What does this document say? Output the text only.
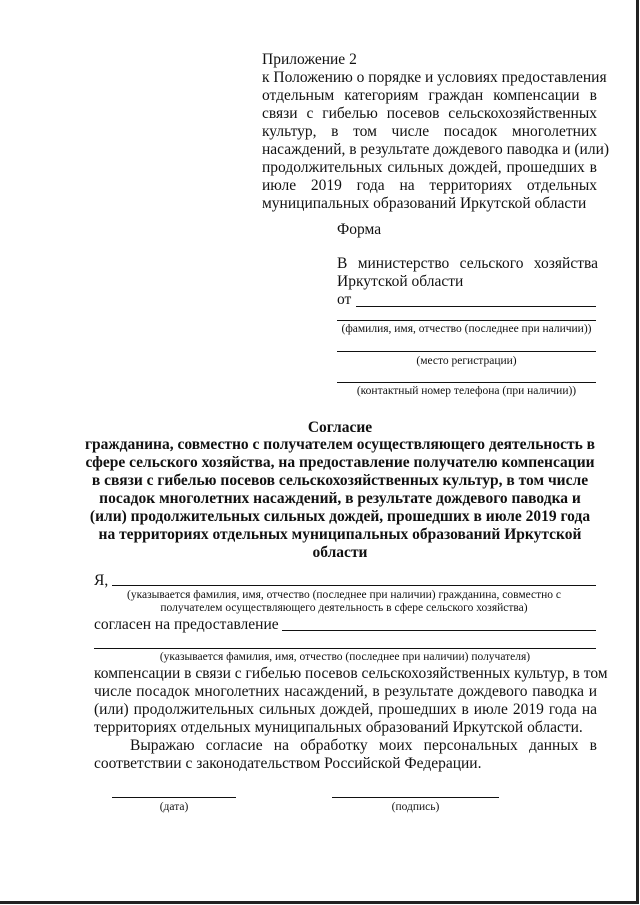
Приложение 2
к Положению о порядке и условиях предоставления
отдельным категориям граждан компенсации в
связи с гибелью посевов сельскохозяйственных
культур, в том числе посадок многолетних
насаждений, в результате дождевого паводка и (или)
продолжительных сильных дождей, прошедших в
июле 2019 года на территориях отдельных
муниципальных образований Иркутской области
Форма
В министерство сельского хозяйства
Иркутской области
от
(фамилия, имя, отчество (последнее при наличии))
(место регистрации)
(контактный номер телефона (при наличии))
Согласие
гражданина, совместно с получателем осуществляющего деятельность в
сфере сельского хозяйства, на предоставление получателю компенсации
в связи с гибелью посевов сельскохозяйственных культур, в том числе
посадок многолетних насаждений, в результате дождевого паводка и
(или) продолжительных сильных дождей, прошедших в июле 2019 года
на территориях отдельных муниципальных образований Иркутской
области
Я,
(указывается фамилия, имя, отчество (последнее при наличии) гражданина, совместно с
получателем осуществляющего деятельность в сфере сельского хозяйства)
согласен на предоставление
(указывается фамилия, имя, отчество (последнее при наличии) получателя)
компенсации в связи с гибелью посевов сельскохозяйственных культур, в том
числе посадок многолетних насаждений, в результате дождевого паводка и
(или) продолжительных сильных дождей, прошедших в июле 2019 года на
территориях отдельных муниципальных образований Иркутской области.
Выражаю согласие на обработку моих персональных данных в
соответствии с законодательством Российской Федерации.
(дата)	(подпись)
